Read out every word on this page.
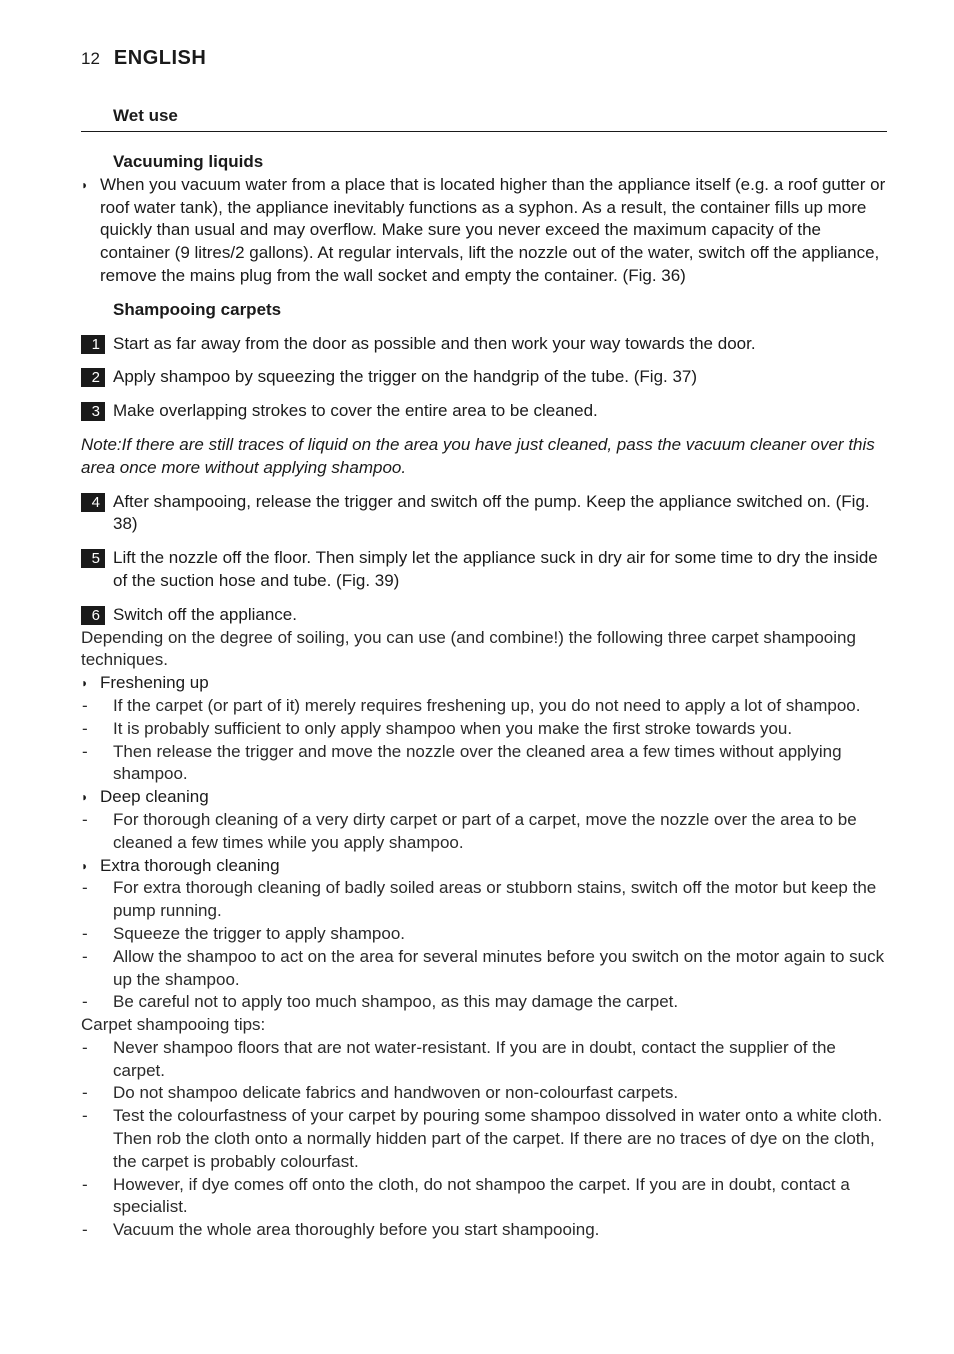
12 ENGLISH
Wet use

Vacuuming liquids

◗ When you vacuum water from a place that is located higher than the appliance itself (e.g. a roof gutter or roof water tank), the appliance inevitably functions as a syphon. As a result, the container fills up more quickly than usual and may overflow. Make sure you never exceed the maximum capacity of the container (9 litres/2 gallons). At regular intervals, lift the nozzle out of the water, switch off the appliance, remove the mains plug from the wall socket and empty the container. (Fig. 36)

Shampooing carpets

1 Start as far away from the door as possible and then work your way towards the door.
2 Apply shampoo by squeezing the trigger on the handgrip of the tube. (Fig. 37)
3 Make overlapping strokes to cover the entire area to be cleaned.

Note:If there are still traces of liquid on the area you have just cleaned, pass the vacuum cleaner over this area once more without applying shampoo.

4 After shampooing, release the trigger and switch off the pump. Keep the appliance switched on. (Fig. 38)
5 Lift the nozzle off the floor. Then simply let the appliance suck in dry air for some time to dry the inside of the suction hose and tube. (Fig. 39)
6 Switch off the appliance.

Depending on the degree of soiling, you can use (and combine!) the following three carpet shampooing techniques.

◗ Freshening up
-	If the carpet (or part of it) merely requires freshening up, you do not need to apply a lot of shampoo.
-	It is probably sufficient to only apply shampoo when you make the first stroke towards you.
-	Then release the trigger and move the nozzle over the cleaned area a few times without applying shampoo.
◗ Deep cleaning
-	For thorough cleaning of a very dirty carpet or part of a carpet, move the nozzle over the area to be cleaned a few times while you apply shampoo.
◗ Extra thorough cleaning
-	For extra thorough cleaning of badly soiled areas or stubborn stains, switch off the motor but keep the pump running.
-	Squeeze the trigger to apply shampoo.
-	Allow the shampoo to act on the area for several minutes before you switch on the motor again to suck up the shampoo.
-	Be careful not to apply too much shampoo, as this may damage the carpet.

Carpet shampooing tips:

-	Never shampoo floors that are not water-resistant. If you are in doubt, contact the supplier of the carpet.
-	Do not shampoo delicate fabrics and handwoven or non-colourfast carpets.
-	Test the colourfastness of your carpet by pouring some shampoo dissolved in water onto a white cloth. Then rob the cloth onto a normally hidden part of the carpet. If there are no traces of dye on the cloth, the carpet is probably colourfast.
-	However, if dye comes off onto the cloth, do not shampoo the carpet. If you are in doubt, contact a specialist.
-	Vacuum the whole area thoroughly before you start shampooing.
